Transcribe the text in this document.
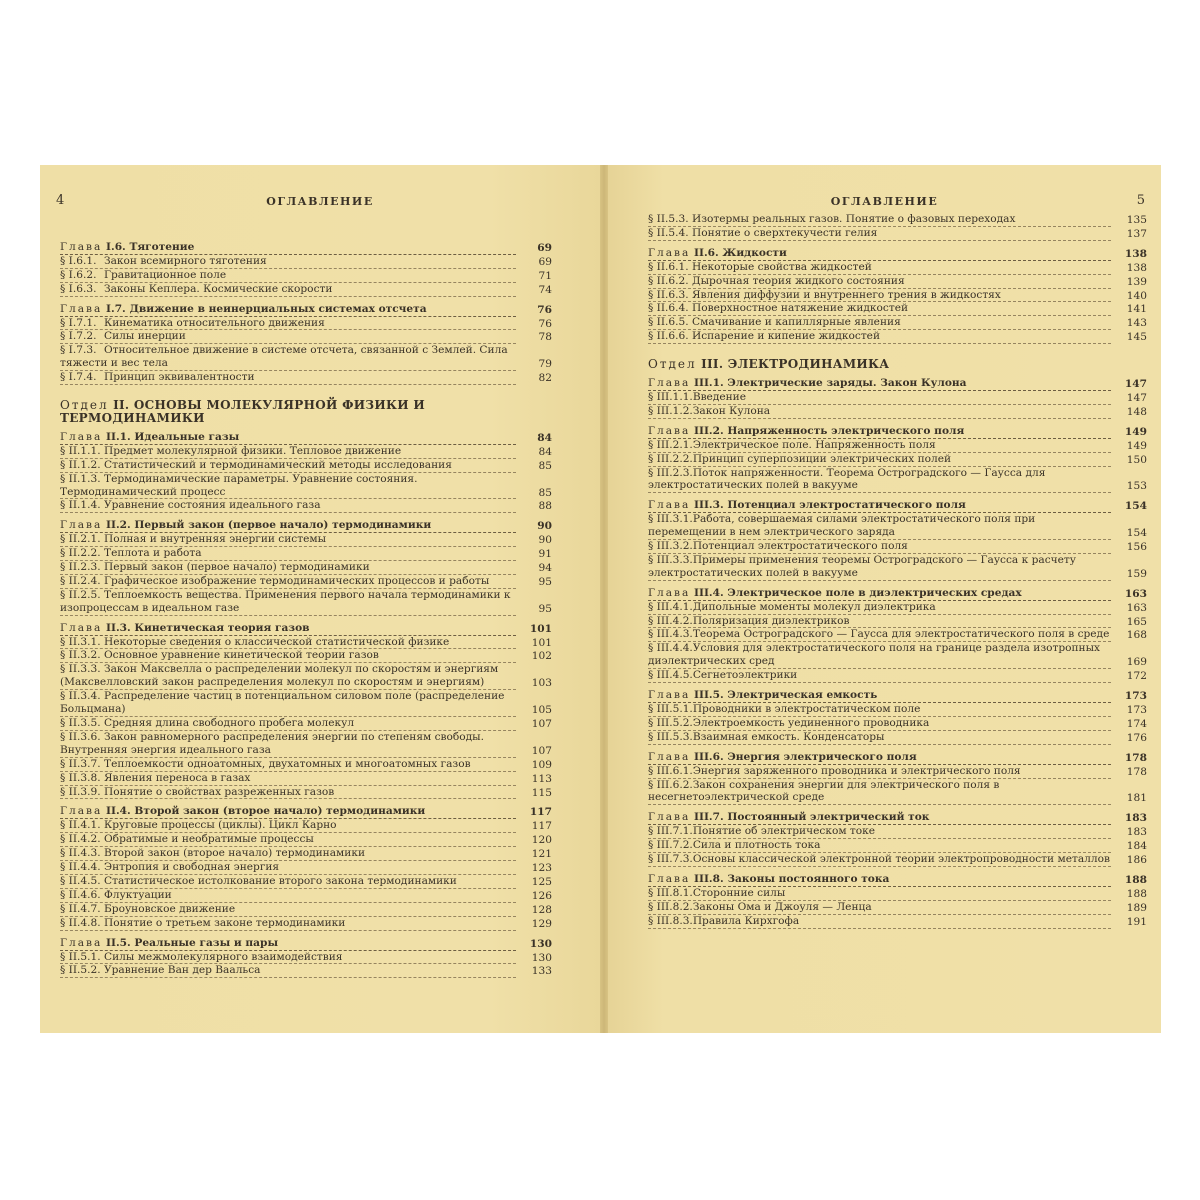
4	ОГЛАВЛЕНИЕ
Глава I.6. Тяготение	69
§ I.6.1. Закон всемирного тяготения	69
§ I.6.2. Гравитационное поле	71
§ I.6.3. Законы Кеплера. Космические скорости	74
Глава I.7. Движение в неинерциальных системах отсчета	76
§ I.7.1. Кинематика относительного движения	76
§ I.7.2. Силы инерции	78
§ I.7.3. Относительное движение в системе отсчета, связанной с Землей. Сила тяжести и вес тела	79
§ I.7.4. Принцип эквивалентности	82
Отдел II. ОСНОВЫ МОЛЕКУЛЯРНОЙ ФИЗИКИ И ТЕРМОДИНАМИКИ
Глава II.1. Идеальные газы	84
§ II.1.1. Предмет молекулярной физики. Тепловое движение	84
§ II.1.2. Статистический и термодинамический методы исследования	85
§ II.1.3. Термодинамические параметры. Уравнение состояния. Термодинамический процесс	85
§ II.1.4. Уравнение состояния идеального газа	88
Глава II.2. Первый закон (первое начало) термодинамики	90
§ II.2.1. Полная и внутренняя энергии системы	90
§ II.2.2. Теплота и работа	91
§ II.2.3. Первый закон (первое начало) термодинамики	94
§ II.2.4. Графическое изображение термодинамических процессов и работы	95
§ II.2.5. Теплоемкость вещества. Применения первого начала термодинамики к изопроцессам в идеальном газе	95
Глава II.3. Кинетическая теория газов	101
§ II.3.1. Некоторые сведения о классической статистической физике	101
§ II.3.2. Основное уравнение кинетической теории газов	102
§ II.3.3. Закон Максвелла о распределении молекул по скоростям и энергиям (Максвелловский закон распределения молекул по скоростям и энергиям)	103
§ II.3.4. Распределение частиц в потенциальном силовом поле (распределение Больцмана)	105
§ II.3.5. Средняя длина свободного пробега молекул	107
§ II.3.6. Закон равномерного распределения энергии по степеням свободы. Внутренняя энергия идеального газа	107
§ II.3.7. Теплоемкости одноатомных, двухатомных и многоатомных газов	109
§ II.3.8. Явления переноса в газах	113
§ II.3.9. Понятие о свойствах разреженных газов	115
Глава II.4. Второй закон (второе начало) термодинамики	117
§ II.4.1. Круговые процессы (циклы). Цикл Карно	117
§ II.4.2. Обратимые и необратимые процессы	120
§ II.4.3. Второй закон (второе начало) термодинамики	121
§ II.4.4. Энтропия и свободная энергия	123
§ II.4.5. Статистическое истолкование второго закона термодинамики	125
§ II.4.6. Флуктуации	126
§ II.4.7. Броуновское движение	128
§ II.4.8. Понятие о третьем законе термодинамики	129
Глава II.5. Реальные газы и пары	130
§ II.5.1. Силы межмолекулярного взаимодействия	130
§ II.5.2. Уравнение Ван дер Ваальса	133
ОГЛАВЛЕНИЕ	5
§ II.5.3. Изотермы реальных газов. Понятие о фазовых переходах	135
§ II.5.4. Понятие о сверхтекучести гелия	137
Глава II.6. Жидкости	138
§ II.6.1. Некоторые свойства жидкостей	138
§ II.6.2. Дырочная теория жидкого состояния	139
§ II.6.3. Явления диффузии и внутреннего трения в жидкостях	140
§ II.6.4. Поверхностное натяжение жидкостей	141
§ II.6.5. Смачивание и капиллярные явления	143
§ II.6.6. Испарение и кипение жидкостей	145
Отдел III. ЭЛЕКТРОДИНАМИКА
Глава III.1. Электрические заряды. Закон Кулона	147
§ III.1.1.Введение	147
§ III.1.2.Закон Кулона	148
Глава III.2. Напряженность электрического поля	149
§ III.2.1.Электрическое поле. Напряженность поля	149
§ III.2.2.Принцип суперпозиции электрических полей	150
§ III.2.3.Поток напряженности. Теорема Остроградского — Гаусса для электростатических полей в вакууме	153
Глава III.3. Потенциал электростатического поля	154
§ III.3.1.Работа, совершаемая силами электростатического поля при перемещении в нем электрического заряда	154
§ III.3.2.Потенциал электростатического поля	156
§ III.3.3.Примеры применения теоремы Остроградского — Гаусса к расчету электростатических полей в вакууме	159
Глава III.4. Электрическое поле в диэлектрических средах	163
§ III.4.1.Дипольные моменты молекул диэлектрика	163
§ III.4.2.Поляризация диэлектриков	165
§ III.4.3.Теорема Остроградского — Гаусса для электростатического поля в среде	168
§ III.4.4.Условия для электростатического поля на границе раздела изотропных диэлектрических сред	169
§ III.4.5.Сегнетоэлектрики	172
Глава III.5. Электрическая емкость	173
§ III.5.1.Проводники в электростатическом поле	173
§ III.5.2.Электроемкость уединенного проводника	174
§ III.5.3.Взаимная емкость. Конденсаторы	176
Глава III.6. Энергия электрического поля	178
§ III.6.1.Энергия заряженного проводника и электрического поля	178
§ III.6.2.Закон сохранения энергии для электрического поля в несегнетоэлектрической среде	181
Глава III.7. Постоянный электрический ток	183
§ III.7.1.Понятие об электрическом токе	183
§ III.7.2.Сила и плотность тока	184
§ III.7.3.Основы классической электронной теории электропроводности металлов	186
Глава III.8. Законы постоянного тока	188
§ III.8.1.Сторонние силы	188
§ III.8.2.Законы Ома и Джоуля — Ленца	189
§ III.8.3.Правила Кирхгофа	191
